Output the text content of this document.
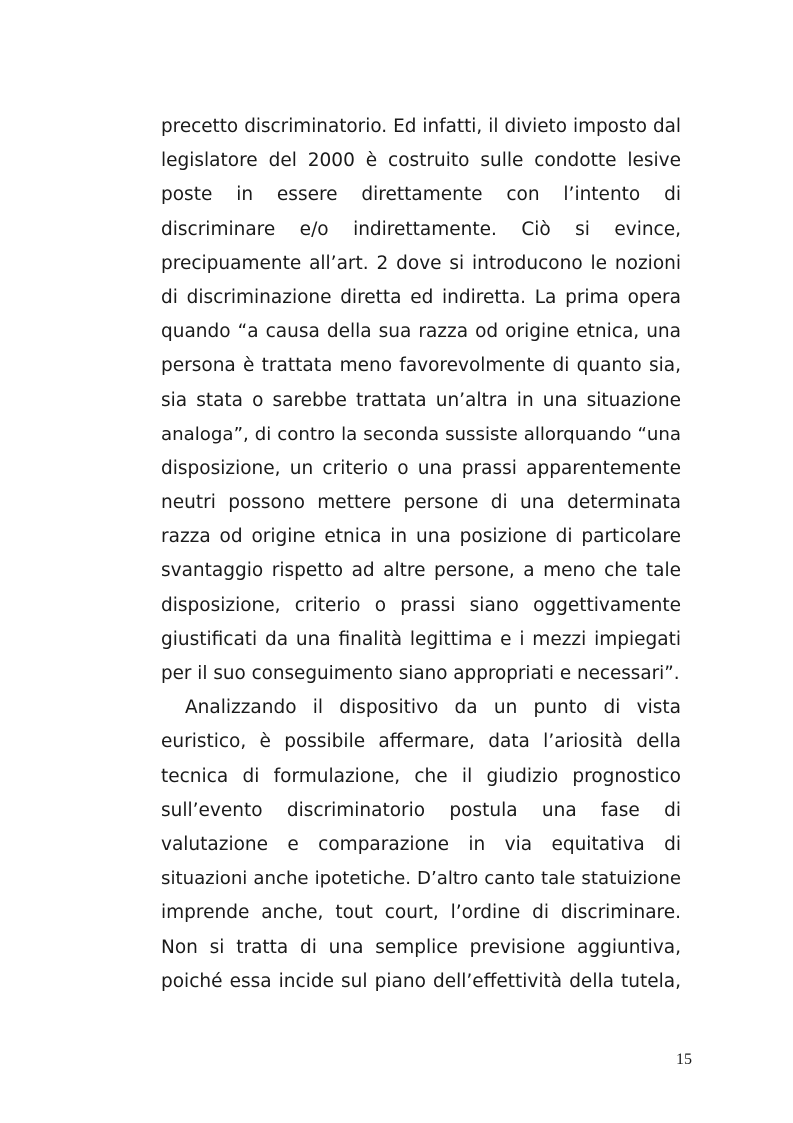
precetto discriminatorio. Ed infatti, il divieto imposto dal
legislatore del 2000 è costruito sulle condotte lesive
poste in essere direttamente con l’intento di
discriminare e/o indirettamente. Ciò si evince,
precipuamente all’art. 2 dove si introducono le nozioni
di discriminazione diretta ed indiretta. La prima opera
quando “a causa della sua razza od origine etnica, una
persona è trattata meno favorevolmente di quanto sia,
sia stata o sarebbe trattata un’altra in una situazione
analoga”, di contro la seconda sussiste allorquando “una
disposizione, un criterio o una prassi apparentemente
neutri possono mettere persone di una determinata
razza od origine etnica in una posizione di particolare
svantaggio rispetto ad altre persone, a meno che tale
disposizione, criterio o prassi siano oggettivamente
giustificati da una finalità legittima e i mezzi impiegati
per il suo conseguimento siano appropriati e necessari”.
Analizzando il dispositivo da un punto di vista
euristico, è possibile affermare, data l’ariosità della
tecnica di formulazione, che il giudizio prognostico
sull’evento discriminatorio postula una fase di
valutazione e comparazione in via equitativa di
situazioni anche ipotetiche. D’altro canto tale statuizione
imprende anche, tout court, l’ordine di discriminare.
Non si tratta di una semplice previsione aggiuntiva,
poiché essa incide sul piano dell’effettività della tutela,
15
